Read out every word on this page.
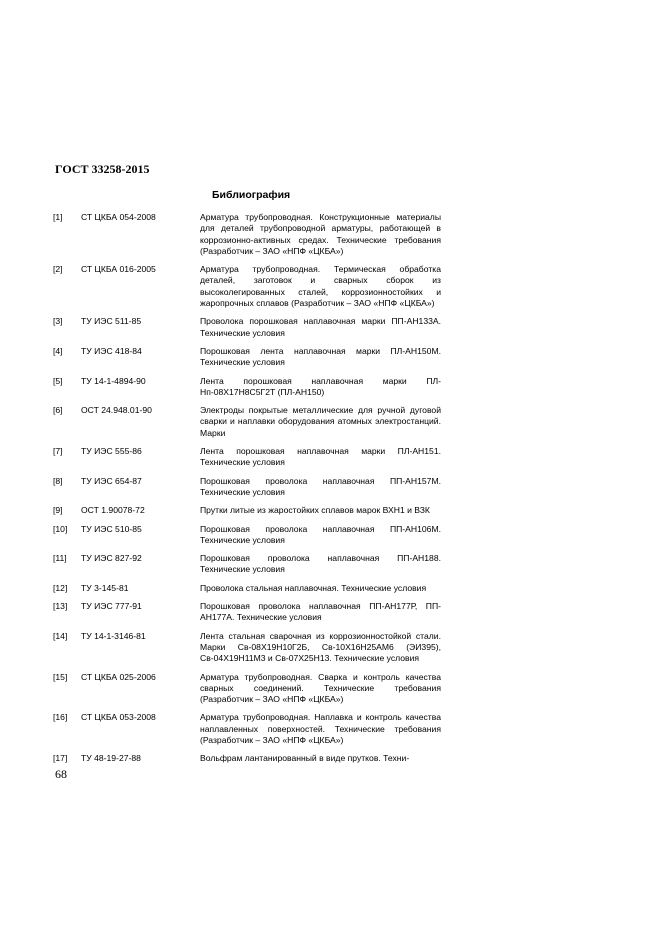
ГОСТ 33258-2015
Библиография
[1]	СТ ЦКБА 054-2008	Арматура трубопроводная. Конструкционные материалы для деталей трубопроводной арматуры, работающей в коррозионно-активных средах. Технические требования (Разработчик – ЗАО «НПФ «ЦКБА»)
[2]	СТ ЦКБА 016-2005	Арматура трубопроводная. Термическая обработка деталей, заготовок и сварных сборок из высоколегированных сталей, коррозионностойких и жаропрочных сплавов (Разработчик – ЗАО «НПФ «ЦКБА»)
[3]	ТУ ИЭС 511-85	Проволока порошковая наплавочная марки ПП-АН133А. Технические условия
[4]	ТУ ИЭС 418-84	Порошковая лента наплавочная марки ПЛ-АН150М. Технические условия
[5]	ТУ 14-1-4894-90	Лента порошковая наплавочная марки ПЛ-Нп-08Х17Н8С5Г2Т (ПЛ-АН150)
[6]	ОСТ 24.948.01-90	Электроды покрытые металлические для ручной дуговой сварки и наплавки оборудования атомных электростанций. Марки
[7]	ТУ ИЭС 555-86	Лента порошковая наплавочная марки ПЛ-АН151. Технические условия
[8]	ТУ ИЭС 654-87	Порошковая проволока наплавочная ПП-АН157М. Технические условия
[9]	ОСТ 1.90078-72	Прутки литые из жаростойких сплавов марок ВХН1 и ВЗК
[10]	ТУ ИЭС 510-85	Порошковая проволока наплавочная ПП-АН106М. Технические условия
[11]	ТУ ИЭС 827-92	Порошковая проволока наплавочная ПП-АН188. Технические условия
[12]	ТУ 3-145-81	Проволока стальная наплавочная. Технические условия
[13]	ТУ ИЭС 777-91	Порошковая проволока наплавочная ПП-АН177Р, ПП-АН177А. Технические условия
[14]	ТУ 14-1-3146-81	Лента стальная сварочная из коррозионностойкой стали. Марки Св-08Х19Н10Г2Б, Св-10Х16Н25АМ6 (ЭИ395), Св-04Х19Н11М3 и Св-07Х25Н13. Технические условия
[15]	СТ ЦКБА 025-2006	Арматура трубопроводная. Сварка и контроль качества сварных соединений. Технические требования (Разработчик – ЗАО «НПФ «ЦКБА»)
[16]	СТ ЦКБА 053-2008	Арматура трубопроводная. Наплавка и контроль качества наплавленных поверхностей. Технические требования (Разработчик – ЗАО «НПФ «ЦКБА»)
[17]	ТУ 48-19-27-88	Вольфрам лантанированный в виде прутков. Техни-
68
